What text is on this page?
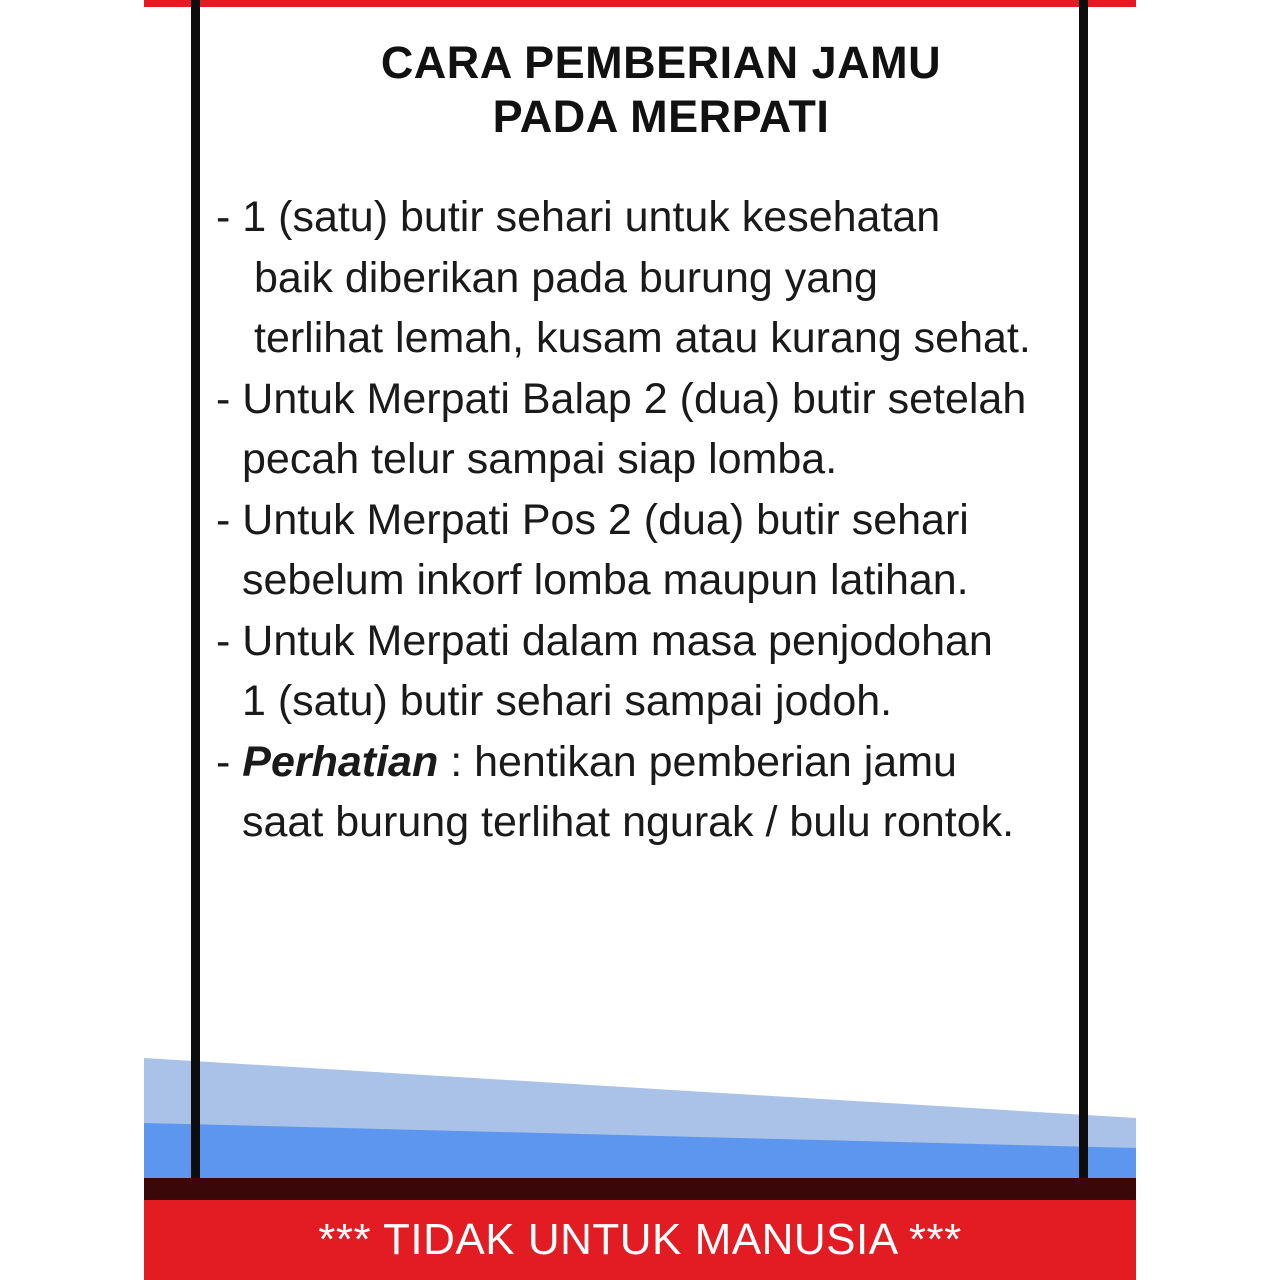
CARA PEMBERIAN JAMU
PADA MERPATI
- 1 (satu) butir sehari untuk kesehatan
baik diberikan pada burung yang
terlihat lemah, kusam atau kurang sehat.
- Untuk Merpati Balap 2 (dua) butir setelah
pecah telur sampai siap lomba.
- Untuk Merpati Pos 2 (dua) butir sehari
sebelum inkorf lomba maupun latihan.
- Untuk Merpati dalam masa penjodohan
1 (satu) butir sehari sampai jodoh.
- Perhatian : hentikan pemberian jamu
saat burung terlihat ngurak / bulu rontok.
*** TIDAK UNTUK MANUSIA ***
